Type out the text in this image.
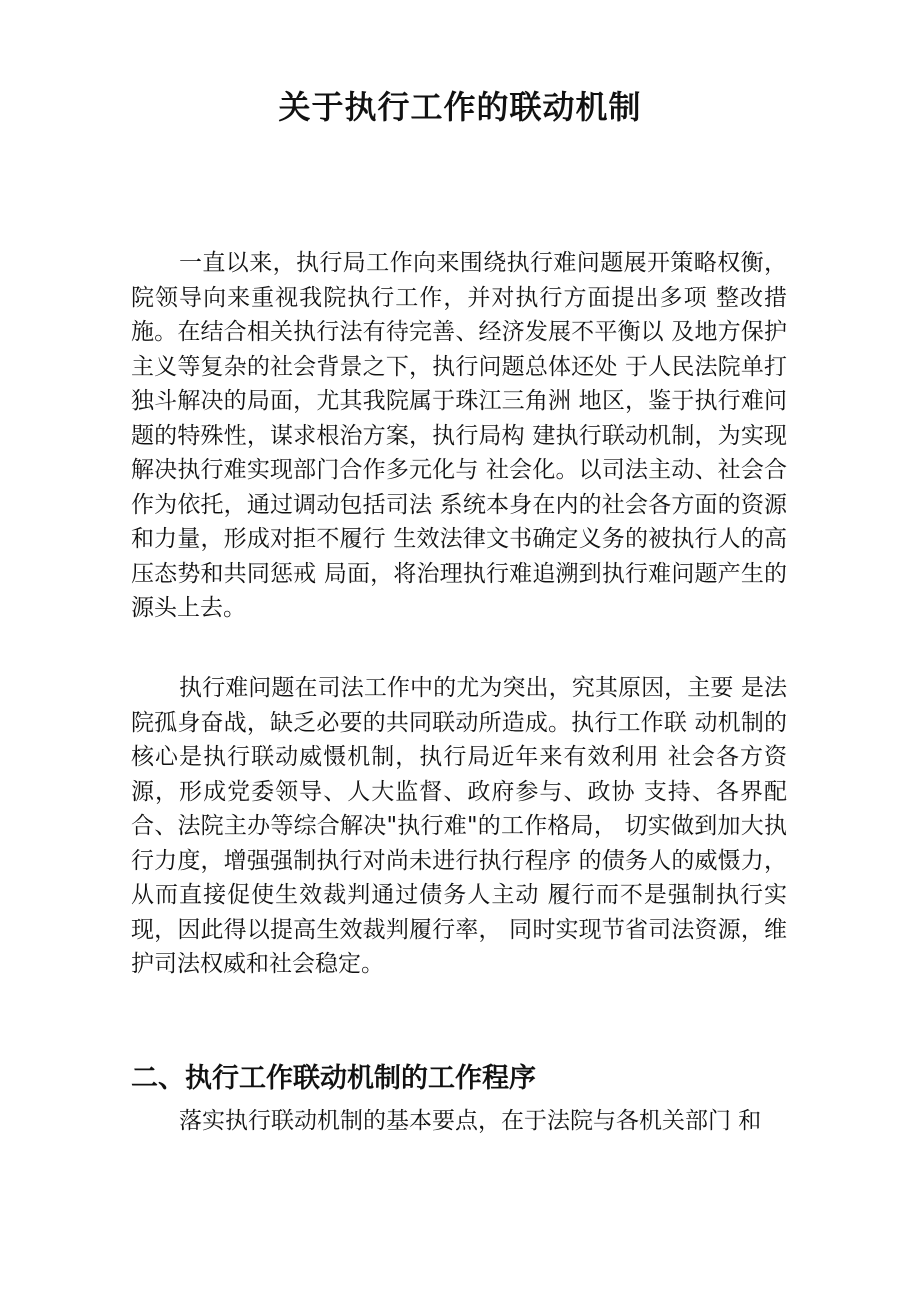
关于执行工作的联动机制

一直以来，执行局工作向来围绕执行难问题展开策略权衡，院领导向来重视我院执行工作，并对执行方面提出多项 整改措施。在结合相关执行法有待完善、经济发展不平衡以 及地方保护主义等复杂的社会背景之下，执行问题总体还处 于人民法院单打独斗解决的局面，尤其我院属于珠江三角洲 地区，鉴于执行难问题的特殊性，谋求根治方案，执行局构 建执行联动机制，为实现解决执行难实现部门合作多元化与 社会化。以司法主动、社会合作为依托，通过调动包括司法 系统本身在内的社会各方面的资源和力量，形成对拒不履行 生效法律文书确定义务的被执行人的高压态势和共同惩戒 局面，将治理执行难追溯到执行难问题产生的源头上去。

执行难问题在司法工作中的尤为突出，究其原因，主要 是法院孤身奋战，缺乏必要的共同联动所造成。执行工作联 动机制的核心是执行联动威慑机制，执行局近年来有效利用 社会各方资源，形成党委领导、人大监督、政府参与、政协 支持、各界配合、法院主办等综合解决"执行难"的工作格局， 切实做到加大执行力度，增强强制执行对尚未进行执行程序 的债务人的威慑力，从而直接促使生效裁判通过债务人主动 履行而不是强制执行实现，因此得以提高生效裁判履行率， 同时实现节省司法资源，维护司法权威和社会稳定。

二、执行工作联动机制的工作程序

落实执行联动机制的基本要点，在于法院与各机关部门 和
